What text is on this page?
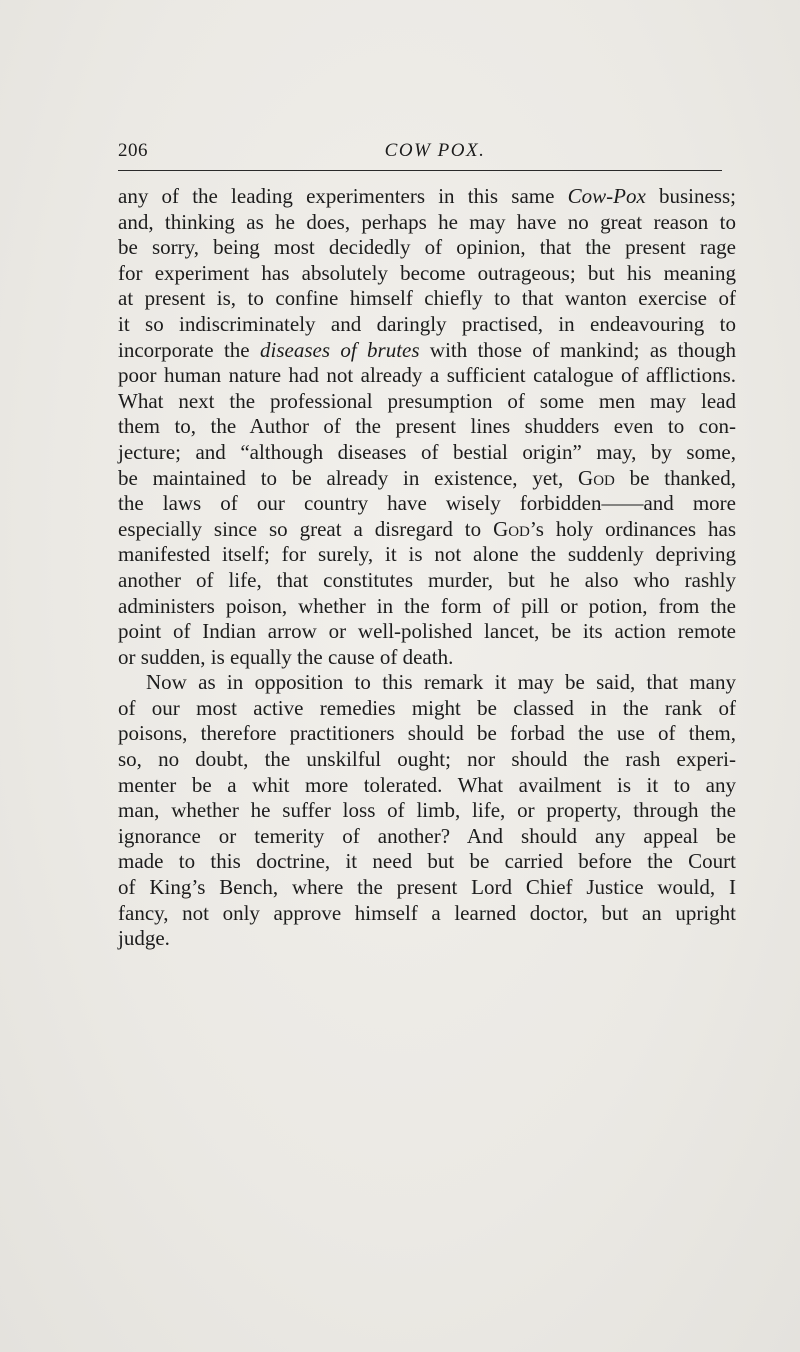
206	COW POX.
any of the leading experimenters in this same Cow-Pox business;
and, thinking as he does, perhaps he may have no great reason to
be sorry, being most decidedly of opinion, that the present rage
for experiment has absolutely become outrageous; but his meaning
at present is, to confine himself chiefly to that wanton exercise of
it so indiscriminately and daringly practised, in endeavouring to
incorporate the diseases of brutes with those of mankind; as though
poor human nature had not already a sufficient catalogue of afflictions.
What next the professional presumption of some men may lead
them to, the Author of the present lines shudders even to con-
jecture; and “although diseases of bestial origin” may, by some,
be maintained to be already in existence, yet, God be thanked,
the laws of our country have wisely forbidden——and more
especially since so great a disregard to God’s holy ordinances has
manifested itself; for surely, it is not alone the suddenly depriving
another of life, that constitutes murder, but he also who rashly
administers poison, whether in the form of pill or potion, from the
point of Indian arrow or well-polished lancet, be its action remote
or sudden, is equally the cause of death.
Now as in opposition to this remark it may be said, that many
of our most active remedies might be classed in the rank of
poisons, therefore practitioners should be forbad the use of them,
so, no doubt, the unskilful ought; nor should the rash experi-
menter be a whit more tolerated. What availment is it to any
man, whether he suffer loss of limb, life, or property, through the
ignorance or temerity of another? And should any appeal be
made to this doctrine, it need but be carried before the Court
of King’s Bench, where the present Lord Chief Justice would, I
fancy, not only approve himself a learned doctor, but an upright
judge.
